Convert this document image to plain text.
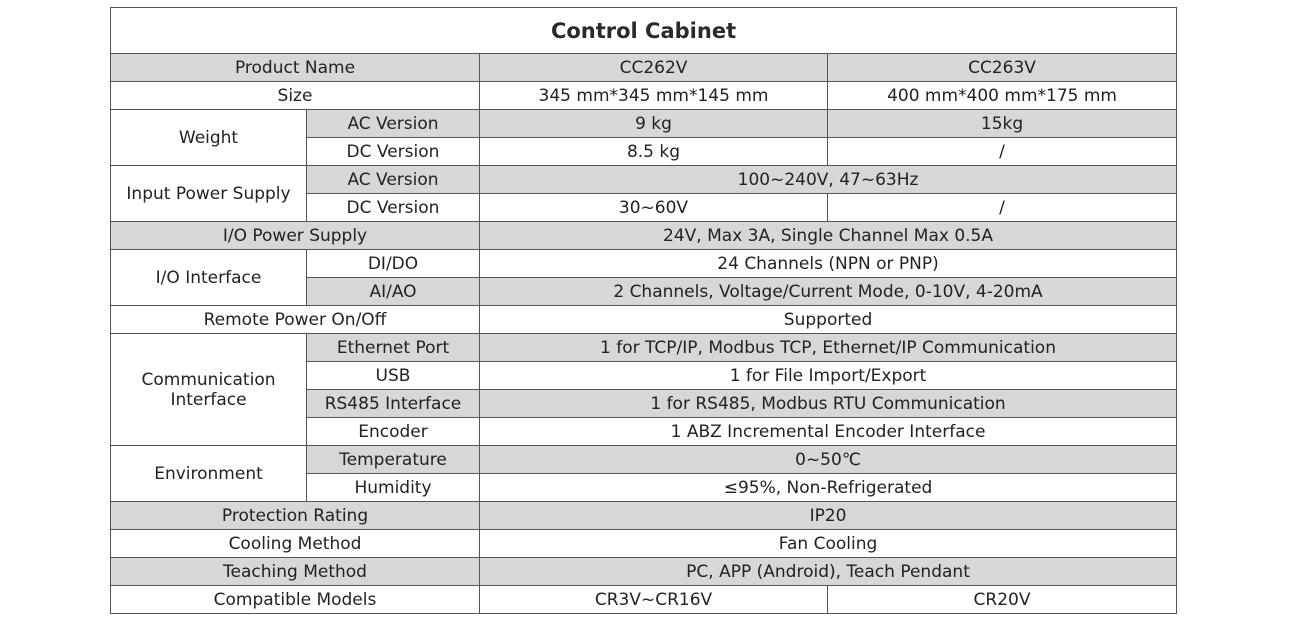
Control Cabinet			
Product Name		CC262V	CC263V
Size		345 mm*345 mm*145 mm	400 mm*400 mm*175 mm
Weight	AC Version	9 kg	15kg
	DC Version	8.5 kg	/
Input Power Supply	AC Version	100~240V, 47~63Hz	
	DC Version	30~60V	/
I/O Power Supply		24V, Max 3A, Single Channel Max 0.5A	
I/O Interface	DI/DO	24 Channels (NPN or PNP)	
	AI/AO	2 Channels, Voltage/Current Mode, 0-10V, 4-20mA	
Remote Power On/Off		Supported	
Communication Interface	Ethernet Port	1 for TCP/IP, Modbus TCP, Ethernet/IP Communication	
	USB	1 for File Import/Export	
	RS485 Interface	1 for RS485, Modbus RTU Communication	
	Encoder	1 ABZ Incremental Encoder Interface	
Environment	Temperature	0~50℃	
	Humidity	≤95%, Non-Refrigerated	
Protection Rating		IP20	
Cooling Method		Fan Cooling	
Teaching Method		PC, APP (Android), Teach Pendant	
Compatible Models		CR3V~CR16V	CR20V
